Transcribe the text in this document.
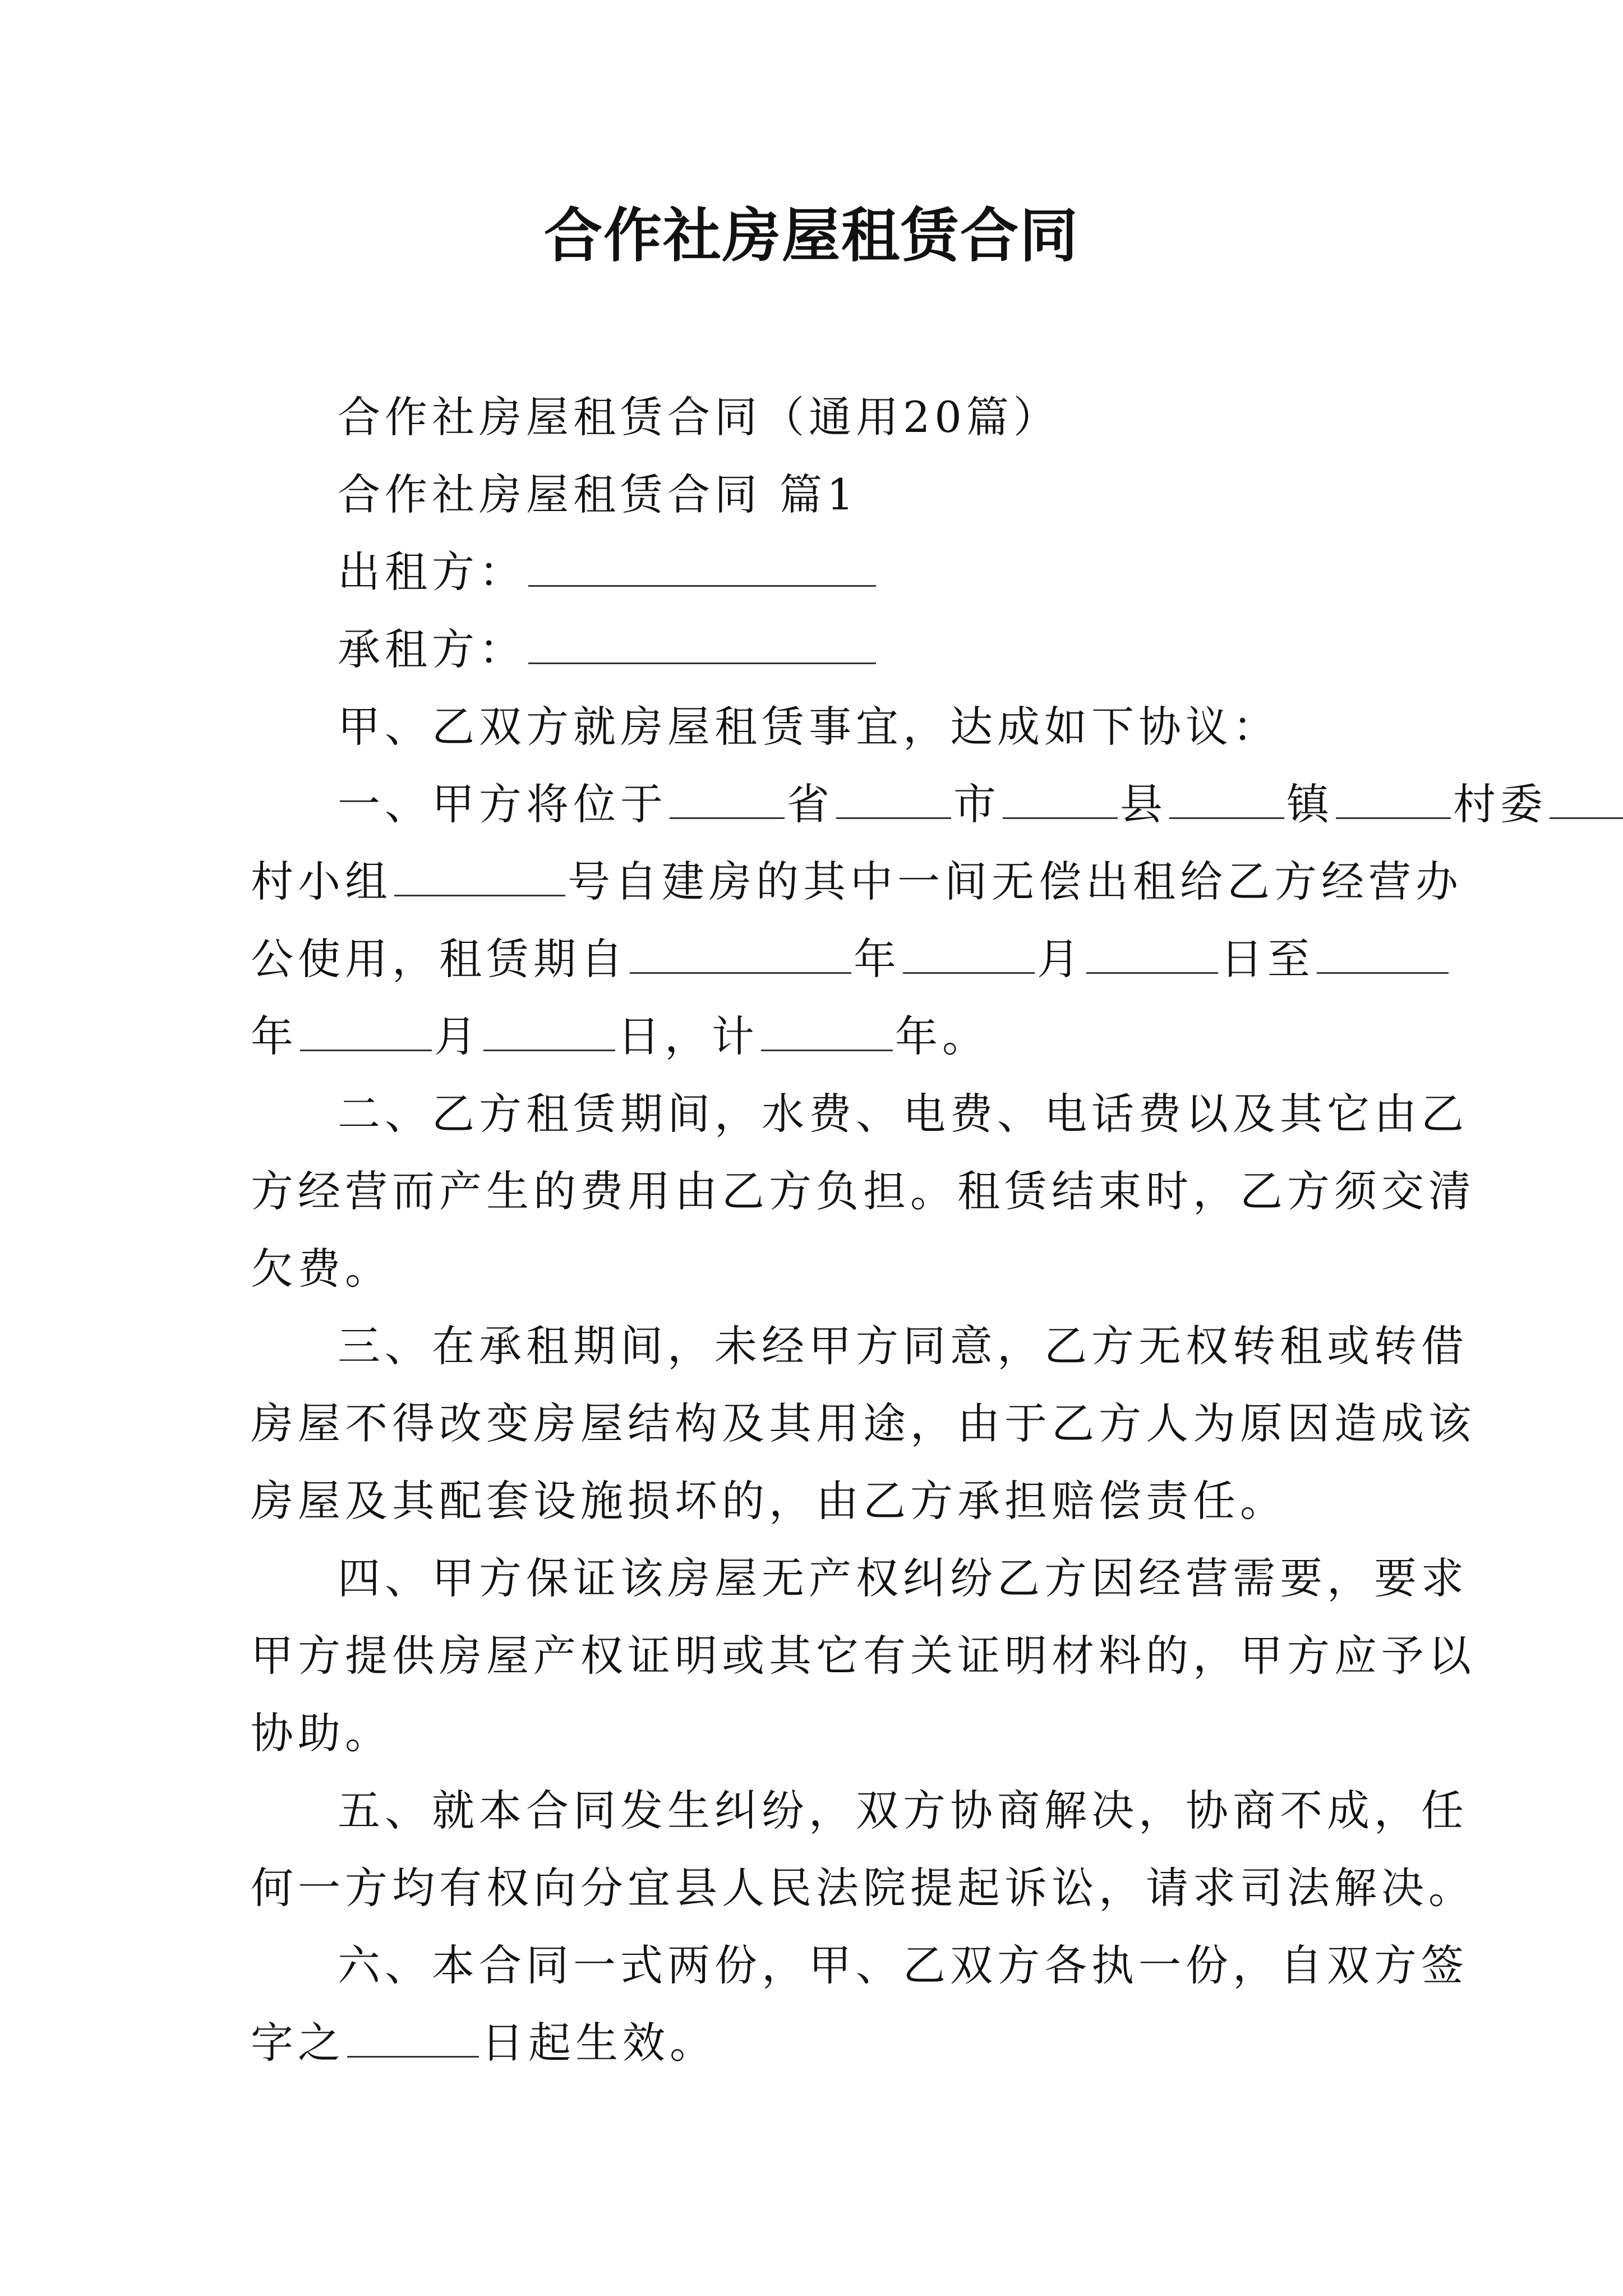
合作社房屋租赁合同
合作社房屋租赁合同（通用20篇）
合作社房屋租赁合同 篇1
出租方：
承租方：
甲、乙双方就房屋租赁事宜，达成如下协议：
一、甲方将位于	省	市	县	镇	村委
村小组	号自建房的其中一间无偿出租给乙方经营办
公使用，租赁期自	年	月	日至
年	月	日，计	年。
二、乙方租赁期间，水费、电费、电话费以及其它由乙
方经营而产生的费用由乙方负担。租赁结束时，乙方须交清
欠费。
三、在承租期间，未经甲方同意，乙方无权转租或转借
房屋不得改变房屋结构及其用途，由于乙方人为原因造成该
房屋及其配套设施损坏的，由乙方承担赔偿责任。
四、甲方保证该房屋无产权纠纷乙方因经营需要，要求
甲方提供房屋产权证明或其它有关证明材料的，甲方应予以
协助。
五、就本合同发生纠纷，双方协商解决，协商不成，任
何一方均有权向分宜县人民法院提起诉讼，请求司法解决。
六、本合同一式两份，甲、乙双方各执一份，自双方签
字之	日起生效。
